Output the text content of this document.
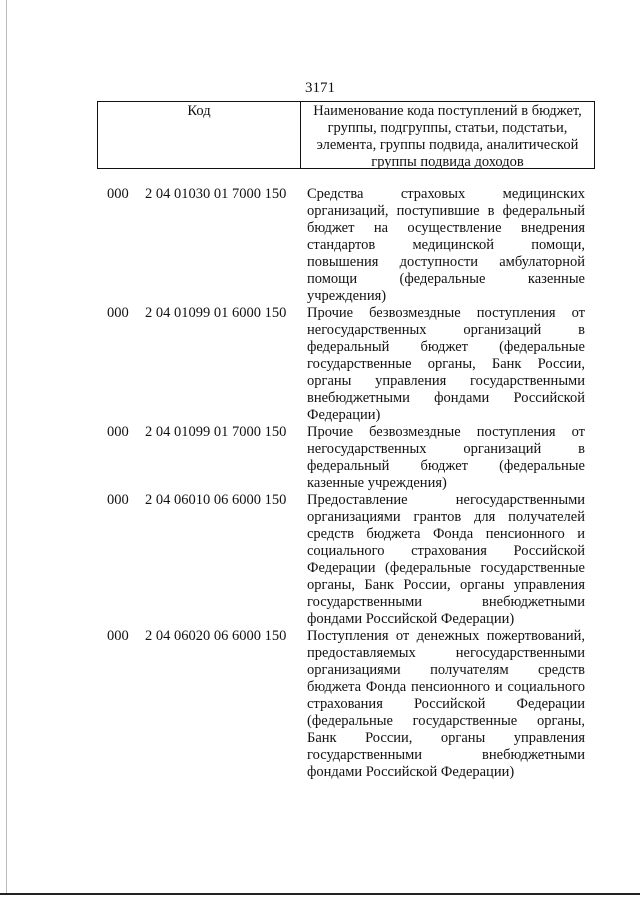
3171
Код	Наименование кода поступлений в бюджет, группы, подгруппы, статьи, подстатьи, элемента, группы подвида, аналитической группы подвида доходов
000 2 04 01030 01 7000 150 Средства страховых медицинских организаций, поступившие в федеральный бюджет на осуществление внедрения стандартов медицинской помощи, повышения доступности амбулаторной помощи (федеральные казенные учреждения)
000 2 04 01099 01 6000 150 Прочие безвозмездные поступления от негосударственных организаций в федеральный бюджет (федеральные государственные органы, Банк России, органы управления государственными внебюджетными фондами Российской Федерации)
000 2 04 01099 01 7000 150 Прочие безвозмездные поступления от негосударственных организаций в федеральный бюджет (федеральные казенные учреждения)
000 2 04 06010 06 6000 150 Предоставление негосударственными организациями грантов для получателей средств бюджета Фонда пенсионного и социального страхования Российской Федерации (федеральные государственные органы, Банк России, органы управления государственными внебюджетными фондами Российской Федерации)
000 2 04 06020 06 6000 150 Поступления от денежных пожертвований, предоставляемых негосударственными организациями получателям средств бюджета Фонда пенсионного и социального страхования Российской Федерации (федеральные государственные органы, Банк России, органы управления государственными внебюджетными фондами Российской Федерации)
